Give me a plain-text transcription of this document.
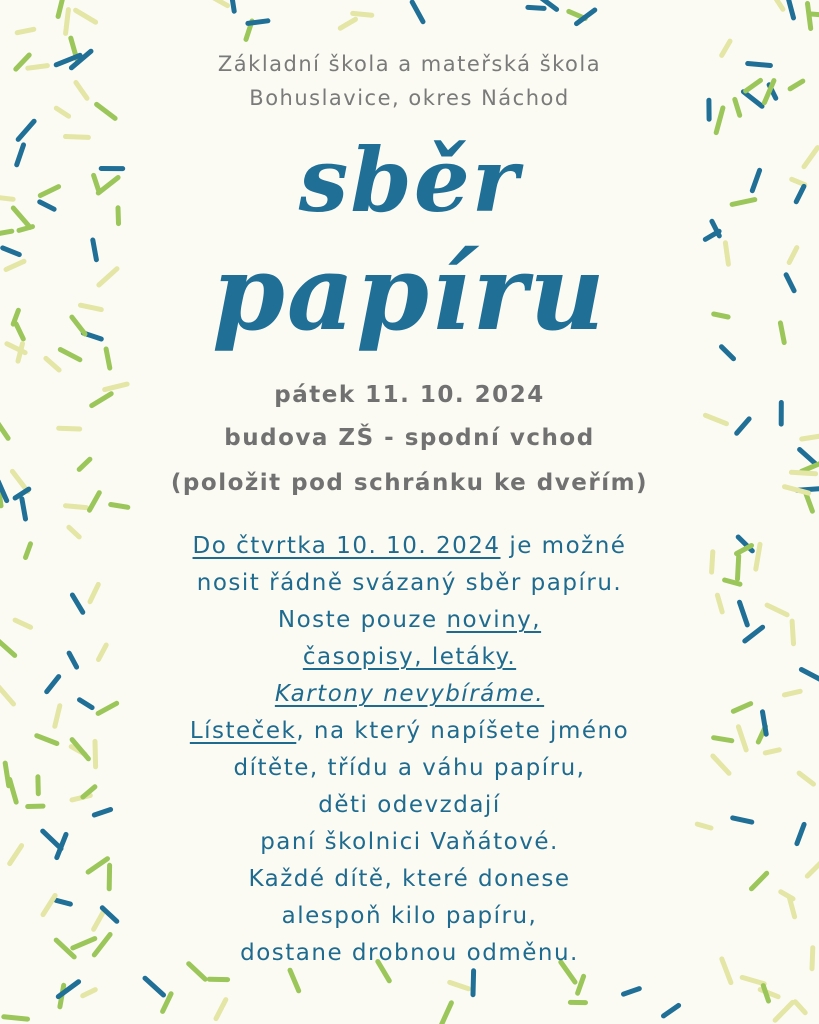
Základní škola a mateřská škola
Bohuslavice, okres Náchod
sběr
papíru
pátek 11. 10. 2024
budova ZŠ - spodní vchod
(položit pod schránku ke dveřím)
Do čtvrtka 10. 10. 2024 je možné
nosit řádně svázaný sběr papíru.
Noste pouze noviny,
časopisy, letáky.
Kartony nevybíráme.
Lísteček, na který napíšete jméno
dítěte, třídu a váhu papíru,
děti odevzdají
paní školnici Vaňátové.
Každé dítě, které donese
alespoň kilo papíru,
dostane drobnou odměnu.
